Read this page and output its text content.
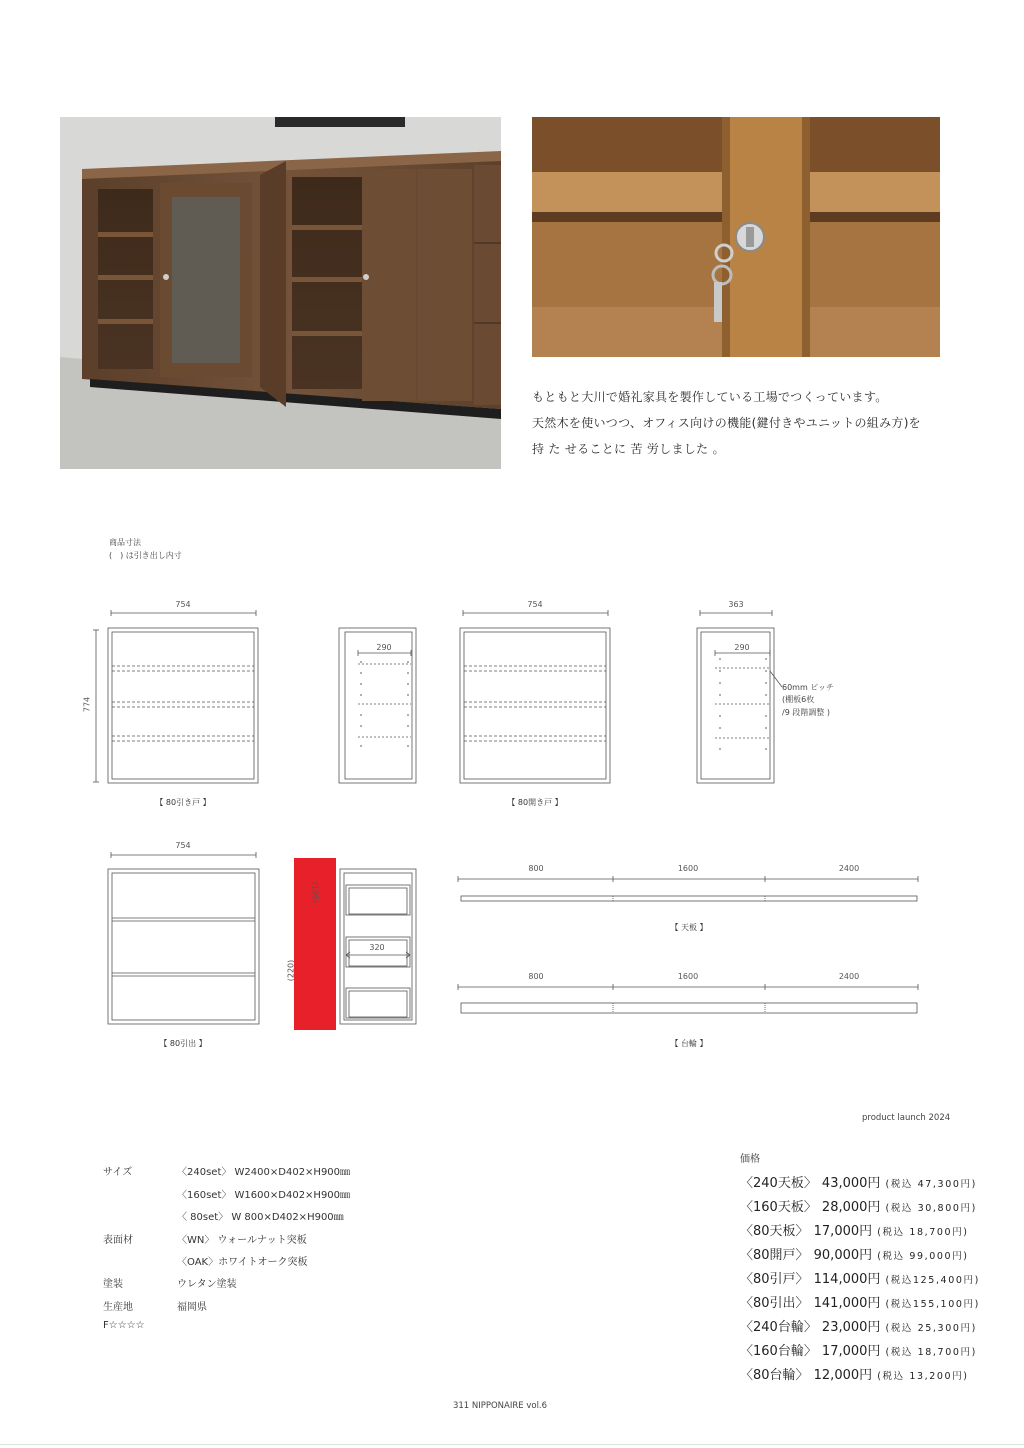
もともと大川で婚礼家具を製作している工場でつくっています。
天然木を使いつつ、オフィス向けの機能(鍵付きやユニットの組み方)を
持 た せることに 苦 労しました 。
商品寸法
(　) は引き出し内寸
754
774
290
754	363
290
60mm ピッチ
(棚板6枚
/9 段階調整 )
【 80引き戸 】	【 80開き戸 】
754
(195)
(220)
320
【 80引出 】
800	1600	2400
【 天板 】
800	1600	2400
【 台輪 】
product launch 2024
サイズ	〈240set〉 W2400×D402×H900㎜
〈160set〉 W1600×D402×H900㎜
〈 80set〉 W 800×D402×H900㎜
表面材	〈WN〉 ウォールナット突板
〈OAK〉ホワイトオーク突板
塗装	ウレタン塗装
生産地	福岡県
F☆☆☆☆
価格
〈240天板〉 43,000円 (税込 47,300円)
〈160天板〉 28,000円 (税込 30,800円)
〈80天板〉 17,000円 (税込 18,700円)
〈80開戸〉 90,000円 (税込 99,000円)
〈80引戸〉 114,000円 (税込125,400円)
〈80引出〉 141,000円 (税込155,100円)
〈240台輪〉 23,000円 (税込 25,300円)
〈160台輪〉 17,000円 (税込 18,700円)
〈80台輪〉 12,000円 (税込 13,200円)
311 NIPPONAIRE vol.6
